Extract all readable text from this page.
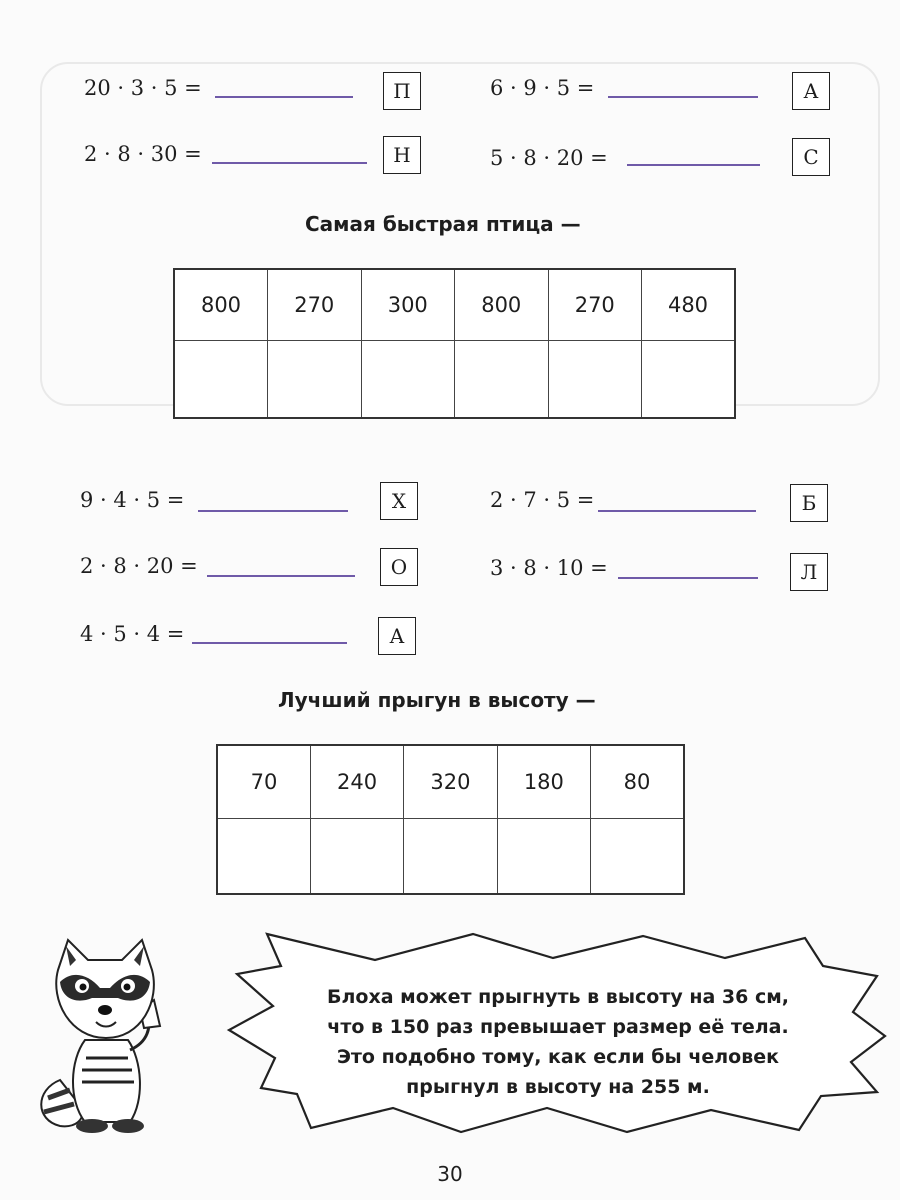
20 · 3 · 5 =	П	6 · 9 · 5 =	А
2 · 8 · 30 =	Н	5 · 8 · 20 =	С
Самая быстрая птица —
800	270	300	800	270	480

9 · 4 · 5 =	Х	2 · 7 · 5 =	Б
2 · 8 · 20 =	О	3 · 8 · 10 =	Л
4 · 5 · 4 =	А
Лучший прыгун в высоту —
70	240	320	180	80

Блоха может прыгнуть в высоту на 36 см,
что в 150 раз превышает размер её тела.
Это подобно тому, как если бы человек
прыгнул в высоту на 255 м.
30
